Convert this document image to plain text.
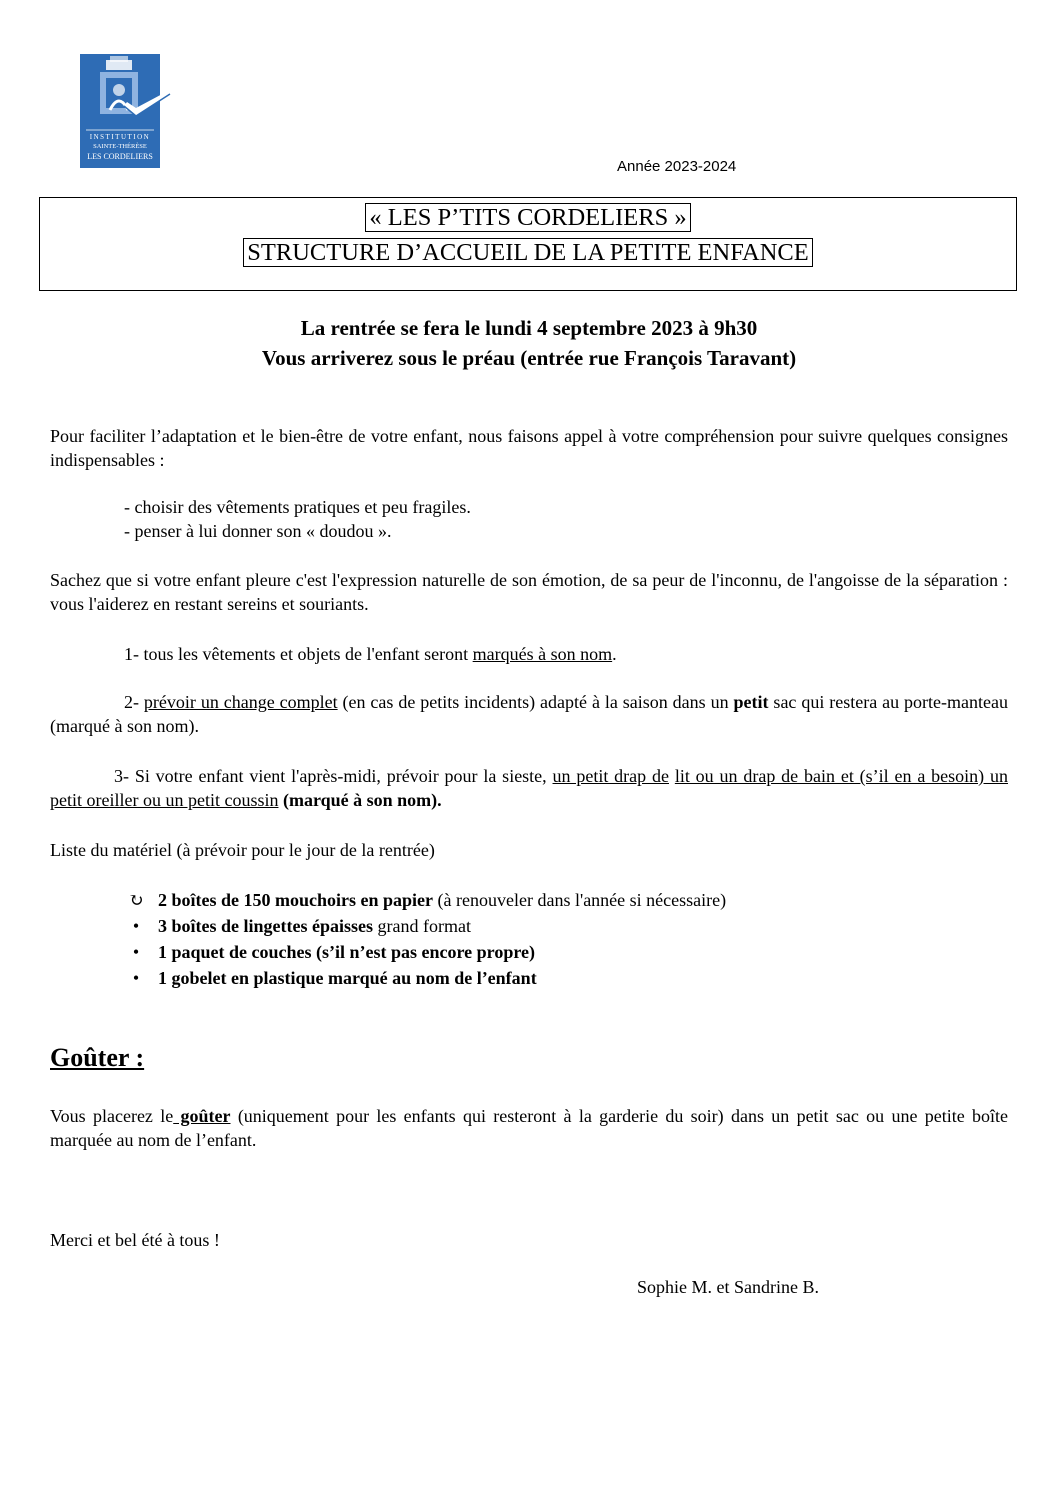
INSTITUTION
SAINTE-THÉRÈSE
LES CORDELIERS
Année 2023-2024
« LES P’TITS CORDELIERS »
STRUCTURE D’ACCUEIL DE LA PETITE ENFANCE
La rentrée se fera le lundi 4 septembre 2023 à 9h30
Vous arriverez sous le préau (entrée rue François Taravant)
Pour faciliter l’adaptation et le bien-être de votre enfant, nous faisons appel à votre compréhension pour suivre quelques consignes indispensables :
- choisir des vêtements pratiques et peu fragiles.
- penser à lui donner son « doudou ».
Sachez que si votre enfant pleure c'est l'expression naturelle de son émotion, de sa peur de l'inconnu, de l'angoisse de la séparation : vous l'aiderez en restant sereins et souriants.
1- tous les vêtements et objets de l'enfant seront marqués à son nom.
2- prévoir un change complet (en cas de petits incidents) adapté à la saison dans un petit sac qui restera au porte-manteau (marqué à son nom).
3- Si votre enfant vient l'après-midi, prévoir pour la sieste, un petit drap de lit ou un drap de bain et (s’il en a besoin) un petit oreiller ou un petit coussin (marqué à son nom).
Liste du matériel (à prévoir pour le jour de la rentrée)
↻ 2 boîtes de 150 mouchoirs en papier (à renouveler dans l'année si nécessaire)
•	3 boîtes de lingettes épaisses grand format
•	1 paquet de couches (s’il n’est pas encore propre)
•	1 gobelet en plastique marqué au nom de l’enfant
Goûter :
Vous placerez le goûter (uniquement pour les enfants qui resteront à la garderie du soir) dans un petit sac ou une petite boîte marquée au nom de l’enfant.
Merci et bel été à tous !
Sophie M. et Sandrine B.
